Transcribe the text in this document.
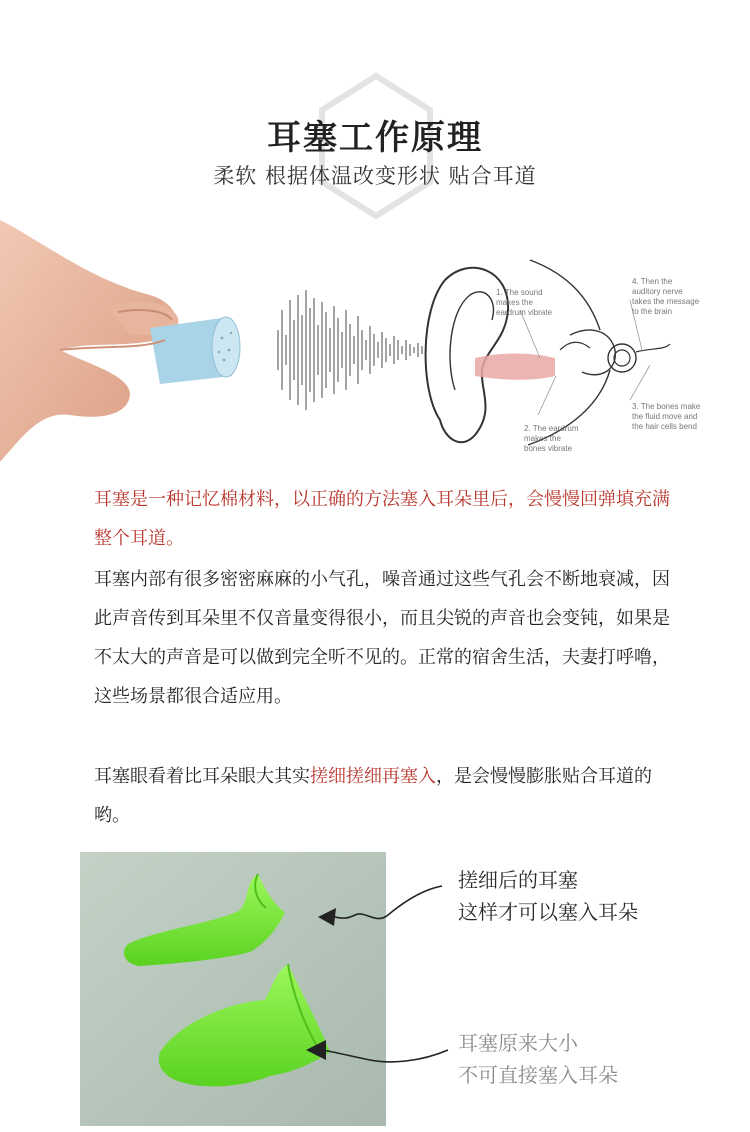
耳塞工作原理
柔软 根据体温改变形状 贴合耳道
1. The sound
makes the
eardrum vibrate
4. Then the
auditory nerve
takes the message
to the brain
3. The bones make
the fluid move and
the hair cells bend
2. The eardrum
makes the
bones vibrate

耳塞是一种记忆棉材料，以正确的方法塞入耳朵里后，会慢慢回弹填充满整个耳道。

耳塞内部有很多密密麻麻的小气孔，噪音通过这些气孔会不断地衰减，因此声音传到耳朵里不仅音量变得很小，而且尖锐的声音也会变钝，如果是不太大的声音是可以做到完全听不见的。正常的宿舍生活，夫妻打呼噜，这些场景都很合适应用。

耳塞眼看着比耳朵眼大其实搓细搓细再塞入，是会慢慢膨胀贴合耳道的哟。

搓细后的耳塞
这样才可以塞入耳朵
耳塞原来大小
不可直接塞入耳朵
